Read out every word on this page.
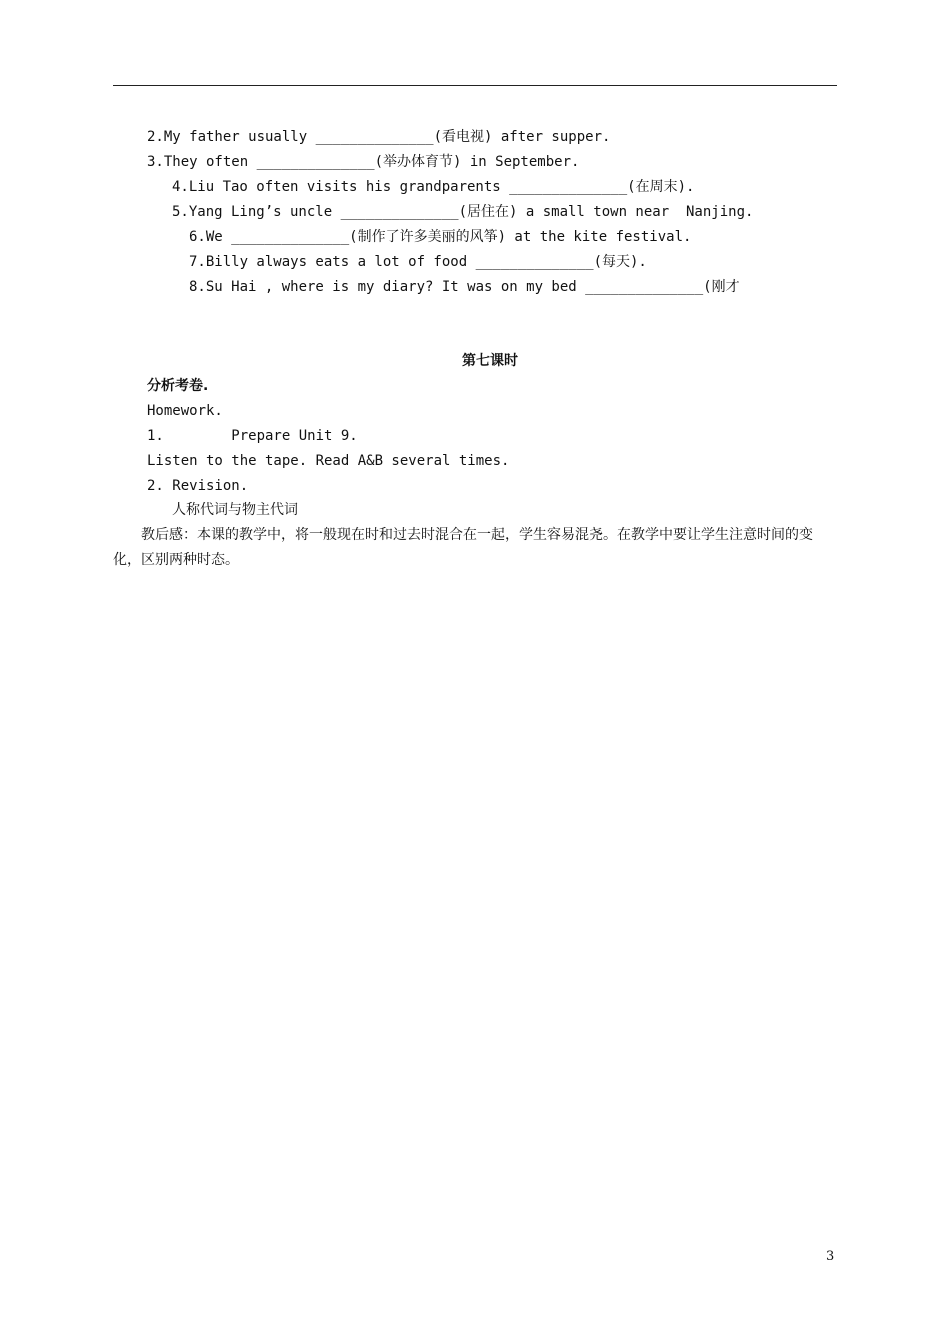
2.My father usually ______________(看电视) after supper.
3.They often ______________(举办体育节) in September.
4.Liu Tao often visits his grandparents ______________(在周末).
5.Yang Ling’s uncle ______________(居住在) a small town near  Nanjing.
6.We ______________(制作了许多美丽的风筝) at the kite festival.
7.Billy always eats a lot of food ______________(每天).
8.Su Hai , where is my diary? It was on my bed ______________(刚才
第七课时
分析考卷.
Homework.
1.        Prepare Unit 9.
Listen to the tape. Read A&B several times.
2. Revision.
人称代词与物主代词
教后感：本课的教学中，将一般现在时和过去时混合在一起，学生容易混尧。在教学中要让学生注意时间的变化，区别两种时态。
3
